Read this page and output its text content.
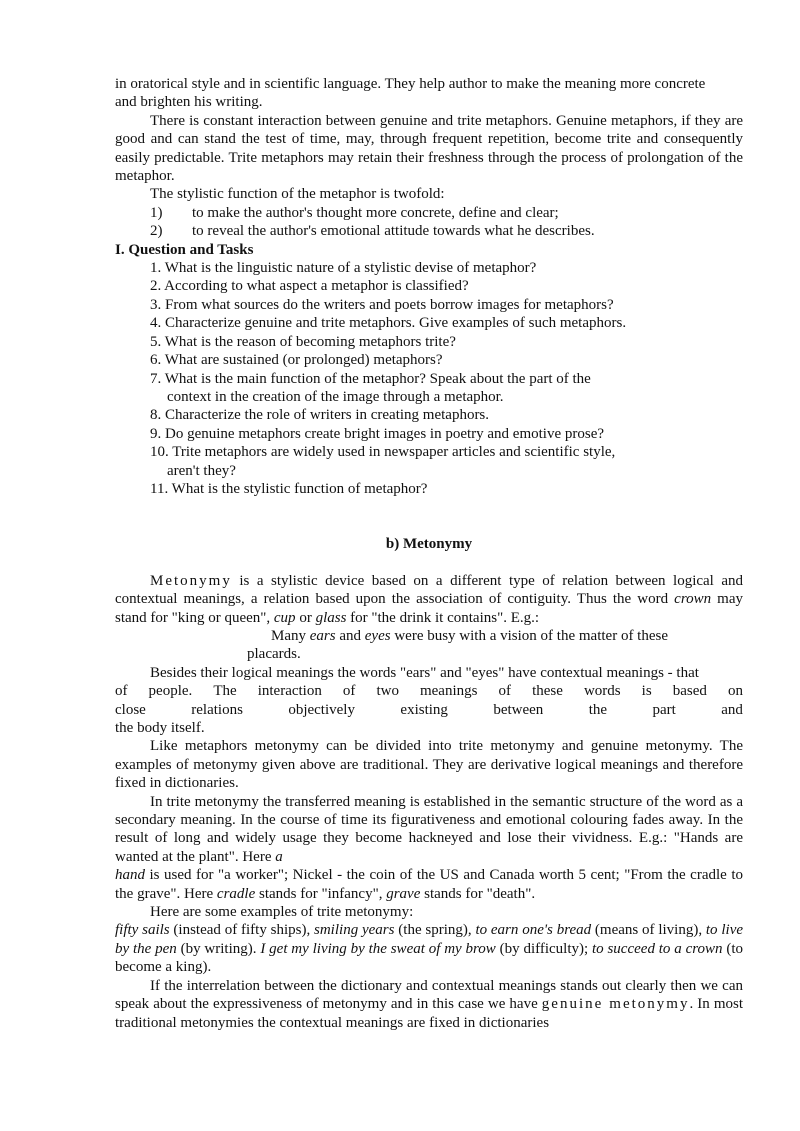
in oratorical style and in scientific language. They help author to make the meaning more concrete

and brighten his writing.

There is constant interaction between genuine and trite metaphors. Genuine metaphors, if they are good and can stand the test of time, may, through frequent repetition, become trite and consequently easily predictable. Trite metaphors may retain their freshness through the process of prolongation of the metaphor.

The stylistic function of the metaphor is twofold:

1)	to make the author's thought more concrete, define and clear;
2)	to reveal the author's emotional attitude towards what he describes.

I. Question and Tasks

1. What is the linguistic nature of a stylistic devise of metaphor?

2. According to what aspect a metaphor is classified?

3. From what sources do the writers and poets borrow images for metaphors?

4. Characterize genuine and trite metaphors. Give examples of such metaphors.

5. What is the reason of becoming metaphors trite?

6. What are sustained (or prolonged) metaphors?

7. What is the main function of the metaphor? Speak about the part of the

context in the creation of the image through a metaphor.

8. Characterize the role of writers in creating metaphors.

9. Do genuine metaphors create bright images in poetry and emotive prose?

10. Trite metaphors are widely used in newspaper articles and scientific style,

aren't they?

11. What is the stylistic function of metaphor?

b) Metonymy

Metonymy is a stylistic device based on a different type of relation between logical and contextual meanings, a relation based upon the association of contiguity. Thus the word crown may stand for "king or queen", cup or glass for "the drink it contains". E.g.:

Many ears and eyes were busy with a vision of the matter of these

placards.

Besides their logical meanings the words "ears" and "eyes" have contextual meanings - that

of people. The interaction of two meanings of these words is based on
close	relations	objectively	existing	between	the	part	and

the body itself.

Like metaphors metonymy can be divided into trite metonymy and genuine metonymy. The examples of metonymy given above are traditional. They are derivative logical meanings and therefore fixed in dictionaries.

In trite metonymy the transferred meaning is established in the semantic structure of the word as a secondary meaning. In the course of time its figurativeness and emotional colouring fades away. In the result of long and widely usage they become hackneyed and lose their vividness. E.g.: "Hands are wanted at the plant". Here a
hand is used for "a worker"; Nickel - the coin of the US and Canada worth 5 cent; "From the cradle to the grave". Here cradle stands for "infancy", grave stands for "death".

Here are some examples of trite metonymy:

fifty sails (instead of fifty ships), smiling years (the spring), to earn one's bread (means of living), to live by the pen (by writing). I get my living by the sweat of my brow (by difficulty); to succeed to a crown (to become a king).

If the interrelation between the dictionary and contextual meanings stands out clearly then we can speak about the expressiveness of metonymy and in this case we have genuine metonymy. In most traditional metonymies the contextual meanings are fixed in dictionaries
